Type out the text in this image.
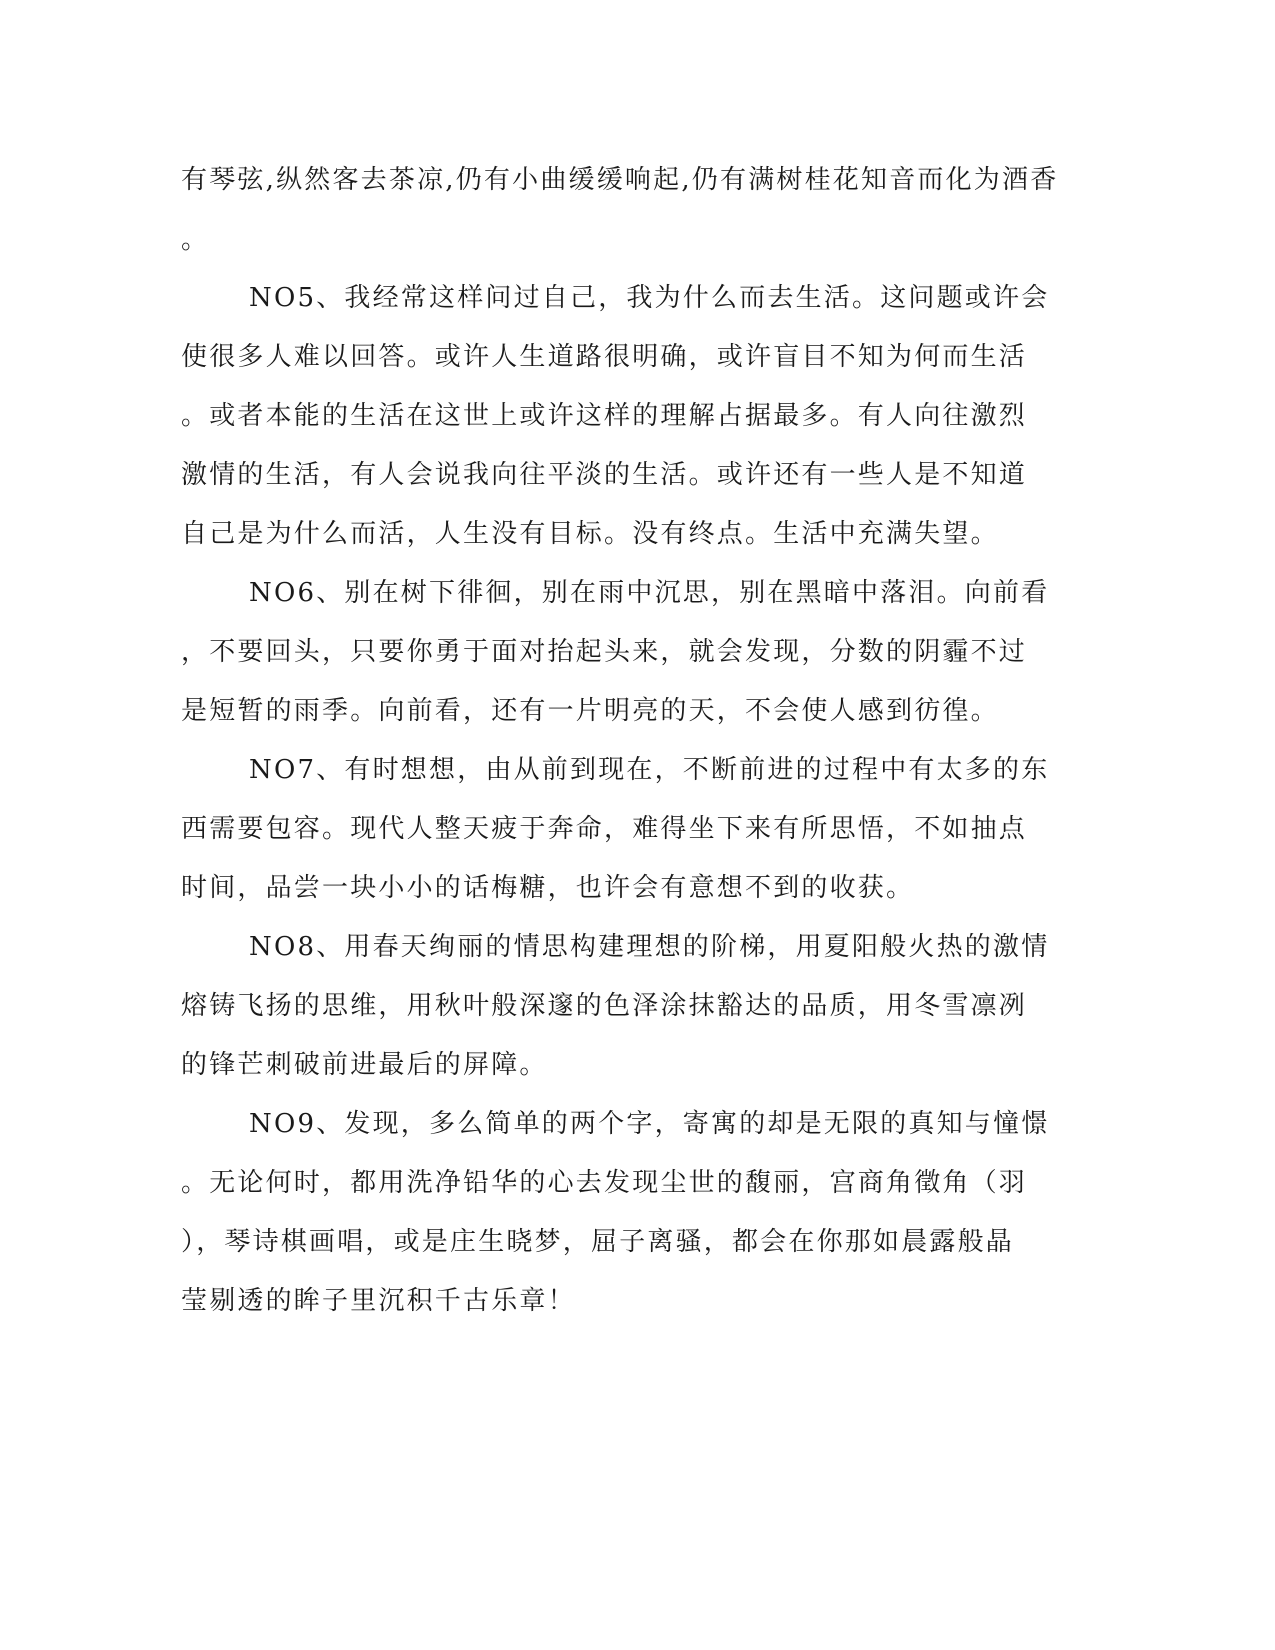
有琴弦,纵然客去茶凉,仍有小曲缓缓响起,仍有满树桂花知音而化为酒香
。
NO5、我经常这样问过自己，我为什么而去生活。这问题或许会
使很多人难以回答。或许人生道路很明确，或许盲目不知为何而生活
。或者本能的生活在这世上或许这样的理解占据最多。有人向往激烈
激情的生活，有人会说我向往平淡的生活。或许还有一些人是不知道
自己是为什么而活，人生没有目标。没有终点。生活中充满失望。
NO6、别在树下徘徊，别在雨中沉思，别在黑暗中落泪。向前看
，不要回头，只要你勇于面对抬起头来，就会发现，分数的阴霾不过
是短暂的雨季。向前看，还有一片明亮的天，不会使人感到彷徨。
NO7、有时想想，由从前到现在，不断前进的过程中有太多的东
西需要包容。现代人整天疲于奔命，难得坐下来有所思悟，不如抽点
时间，品尝一块小小的话梅糖，也许会有意想不到的收获。
NO8、用春天绚丽的情思构建理想的阶梯，用夏阳般火热的激情
熔铸飞扬的思维，用秋叶般深邃的色泽涂抹豁达的品质，用冬雪凛冽
的锋芒刺破前进最后的屏障。
NO9、发现，多么简单的两个字，寄寓的却是无限的真知与憧憬
。无论何时，都用洗净铅华的心去发现尘世的馥丽，宫商角徵角（羽
），琴诗棋画唱，或是庄生晓梦，屈子离骚，都会在你那如晨露般晶
莹剔透的眸子里沉积千古乐章！
